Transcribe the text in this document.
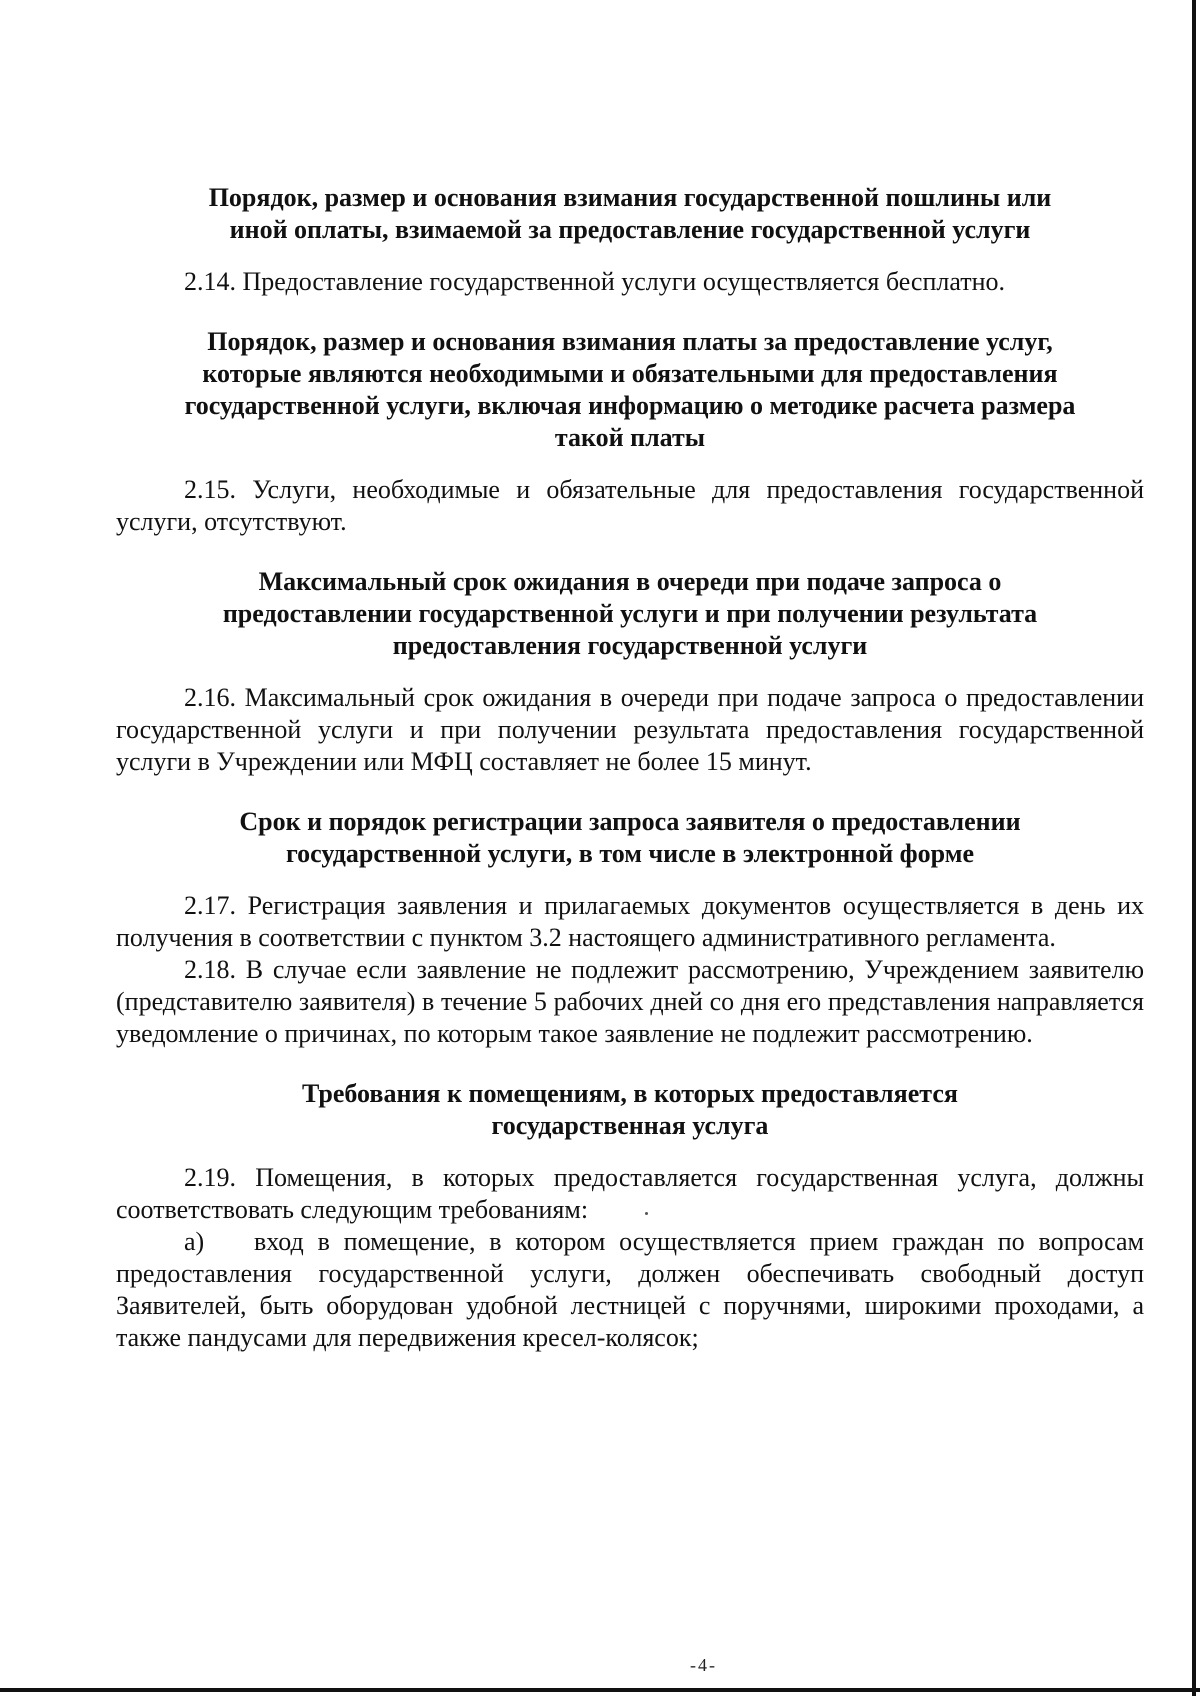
Порядок, размер и основания взимания государственной пошлины или
иной оплаты, взимаемой за предоставление государственной услуги

2.14. Предоставление государственной услуги осуществляется бесплатно.

Порядок, размер и основания взимания платы за предоставление услуг,
которые являются необходимыми и обязательными для предоставления
государственной услуги, включая информацию о методике расчета размера
такой платы

2.15. Услуги, необходимые и обязательные для предоставления государственной услуги, отсутствуют.

Максимальный срок ожидания в очереди при подаче запроса о
предоставлении государственной услуги и при получении результата
предоставления государственной услуги

2.16. Максимальный срок ожидания в очереди при подаче запроса о предоставлении государственной услуги и при получении результата предоставления государственной услуги в Учреждении или МФЦ составляет не более 15 минут.

Срок и порядок регистрации запроса заявителя о предоставлении
государственной услуги, в том числе в электронной форме

2.17. Регистрация заявления и прилагаемых документов осуществляется в день их получения в соответствии с пунктом 3.2 настоящего административного регламента.

2.18. В случае если заявление не подлежит рассмотрению, Учреждением заявителю (представителю заявителя) в течение 5 рабочих дней со дня его представления направляется уведомление о причинах, по которым такое заявление не подлежит рассмотрению.

Требования к помещениям, в которых предоставляется
государственная услуга

2.19. Помещения, в которых предоставляется государственная услуга, должны соответствовать следующим требованиям:

а) вход в помещение, в котором осуществляется прием граждан по вопросам предоставления государственной услуги, должен обеспечивать свободный доступ Заявителей, быть оборудован удобной лестницей с поручнями, широкими проходами, а также пандусами для передвижения кресел-колясок;

-4-
